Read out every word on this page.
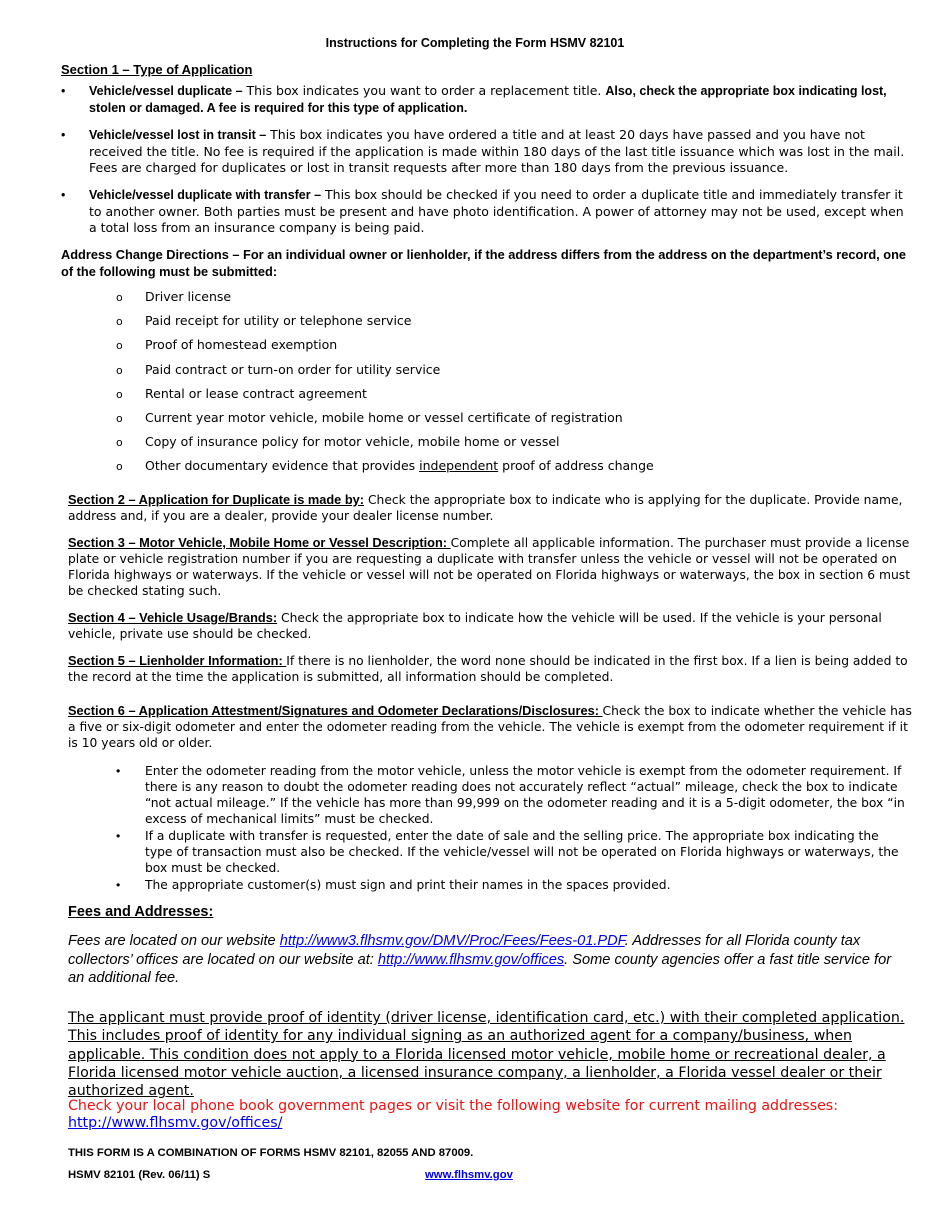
Instructions for Completing the Form HSMV 82101
Section 1 – Type of Application
•	Vehicle/vessel duplicate – This box indicates you want to order a replacement title. Also, check the appropriate box indicating lost, stolen or damaged. A fee is required for this type of application.
•	Vehicle/vessel lost in transit – This box indicates you have ordered a title and at least 20 days have passed and you have not received the title. No fee is required if the application is made within 180 days of the last title issuance which was lost in the mail. Fees are charged for duplicates or lost in transit requests after more than 180 days from the previous issuance.
•	Vehicle/vessel duplicate with transfer – This box should be checked if you need to order a duplicate title and immediately transfer it to another owner. Both parties must be present and have photo identification. A power of attorney may not be used, except when a total loss from an insurance company is being paid.
Address Change Directions – For an individual owner or lienholder, if the address differs from the address on the department’s record, one of the following must be submitted:
o Driver license
o Paid receipt for utility or telephone service
o Proof of homestead exemption
o Paid contract or turn-on order for utility service
o Rental or lease contract agreement
o Current year motor vehicle, mobile home or vessel certificate of registration
o Copy of insurance policy for motor vehicle, mobile home or vessel
o Other documentary evidence that provides independent proof of address change
Section 2 – Application for Duplicate is made by: Check the appropriate box to indicate who is applying for the duplicate. Provide name, address and, if you are a dealer, provide your dealer license number.
Section 3 – Motor Vehicle, Mobile Home or Vessel Description: Complete all applicable information. The purchaser must provide a license plate or vehicle registration number if you are requesting a duplicate with transfer unless the vehicle or vessel will not be operated on Florida highways or waterways. If the vehicle or vessel will not be operated on Florida highways or waterways, the box in section 6 must be checked stating such.
Section 4 – Vehicle Usage/Brands: Check the appropriate box to indicate how the vehicle will be used. If the vehicle is your personal vehicle, private use should be checked.
Section 5 – Lienholder Information: If there is no lienholder, the word none should be indicated in the first box. If a lien is being added to the record at the time the application is submitted, all information should be completed.
Section 6 – Application Attestment/Signatures and Odometer Declarations/Disclosures: Check the box to indicate whether the vehicle has a five or six-digit odometer and enter the odometer reading from the vehicle. The vehicle is exempt from the odometer requirement if it is 10 years old or older.
• Enter the odometer reading from the motor vehicle, unless the motor vehicle is exempt from the odometer requirement. If there is any reason to doubt the odometer reading does not accurately reflect “actual” mileage, check the box to indicate “not actual mileage.” If the vehicle has more than 99,999 on the odometer reading and it is a 5-digit odometer, the box “in excess of mechanical limits” must be checked.
• If a duplicate with transfer is requested, enter the date of sale and the selling price. The appropriate box indicating the type of transaction must also be checked. If the vehicle/vessel will not be operated on Florida highways or waterways, the box must be checked.
• The appropriate customer(s) must sign and print their names in the spaces provided.
Fees and Addresses:
Fees are located on our website http://www3.flhsmv.gov/DMV/Proc/Fees/Fees-01.PDF. Addresses for all Florida county tax collectors’ offices are located on our website at: http://www.flhsmv.gov/offices. Some county agencies offer a fast title service for an additional fee.
The applicant must provide proof of identity (driver license, identification card, etc.) with their completed application. This includes proof of identity for any individual signing as an authorized agent for a company/business, when applicable. This condition does not apply to a Florida licensed motor vehicle, mobile home or recreational dealer, a Florida licensed motor vehicle auction, a licensed insurance company, a lienholder, a Florida vessel dealer or their authorized agent.
Check your local phone book government pages or visit the following website for current mailing addresses:
http://www.flhsmv.gov/offices/
THIS FORM IS A COMBINATION OF FORMS HSMV 82101, 82055 AND 87009.
HSMV 82101 (Rev. 06/11) S	www.flhsmv.gov
